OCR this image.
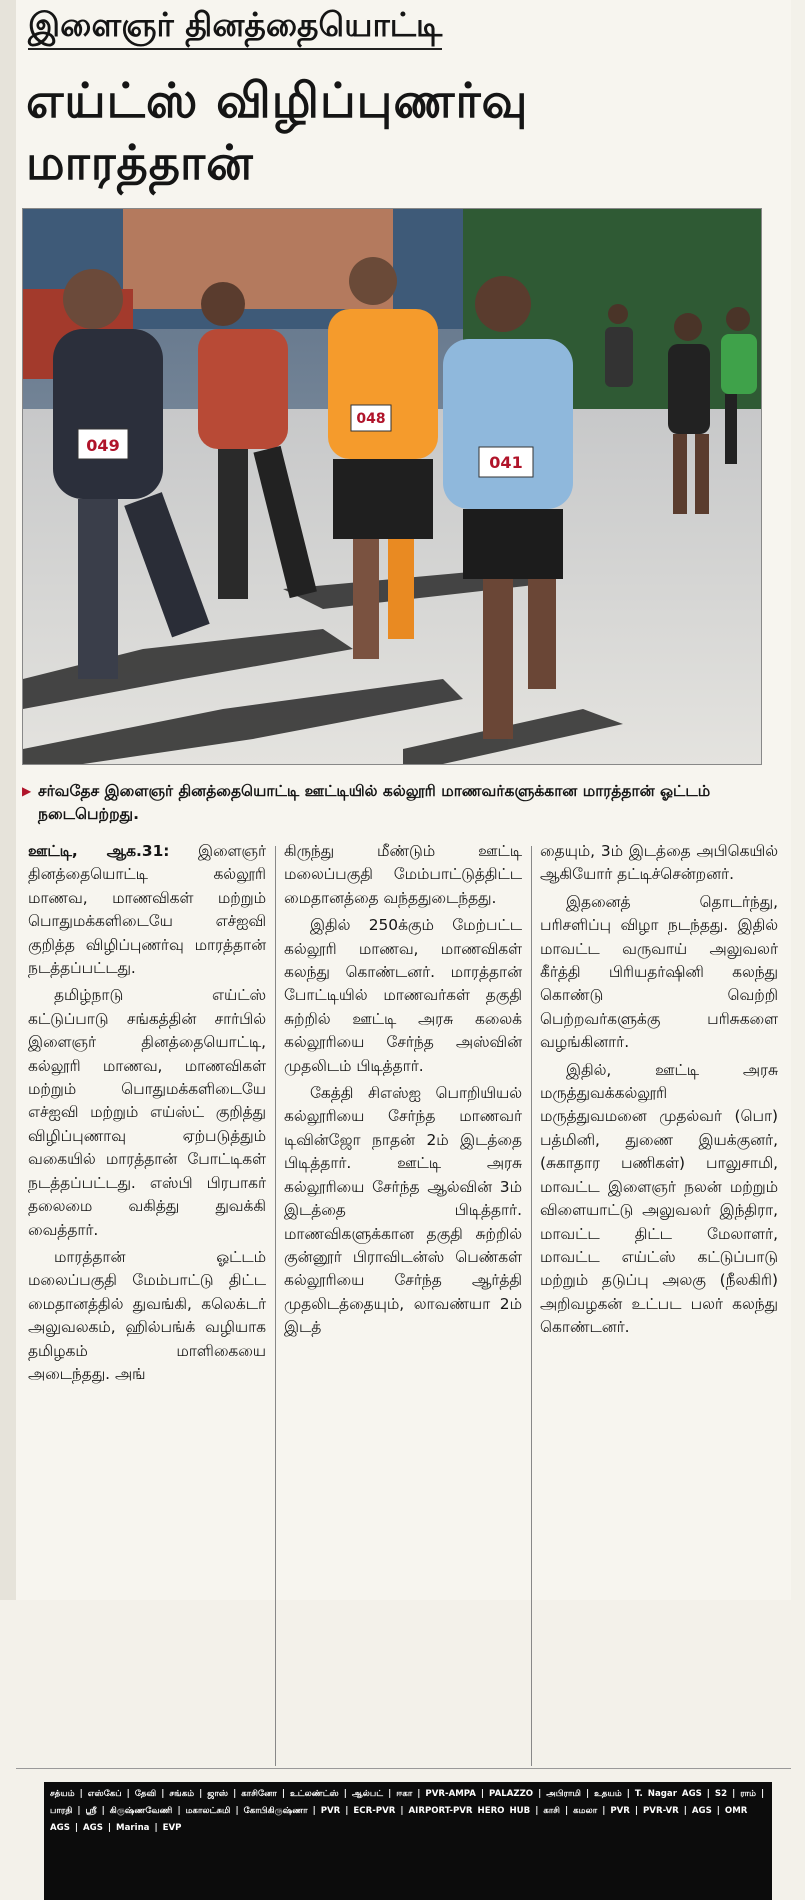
இளைஞர் தினத்தையொட்டி
எய்ட்ஸ் விழிப்புணர்வு மாரத்தான்
049
048
041
▶ சர்வதேச இளைஞர் தினத்தையொட்டி ஊட்டியில் கல்லூரி மாணவர்களுக்கான மாரத்தான் ஓட்டம் நடைபெற்றது.

ஊட்டி, ஆக.31: இளைஞர் தினத்தையொட்டி கல்லூரி மாணவ, மாணவிகள் மற்றும் பொதுமக்களிடையே எச்ஐவி குறித்த விழிப்புணர்வு மாரத்தான் நடத்தப்பட்டது.

தமிழ்நாடு எய்ட்ஸ் கட்டுப்பாடு சங்கத்தின் சார்பில் இளைஞர் தினத்தையொட்டி, கல்லூரி மாணவ, மாணவிகள் மற்றும் பொதுமக்களிடையே எச்ஐவி மற்றும் எய்ஸ்ட் குறித்து விழிப்புணாவு ஏற்படுத்தும் வகையில் மாரத்தான் போட்டிகள் நடத்தப்பட்டது. எஸ்பி பிரபாகர் தலைமை வகித்து துவக்கி வைத்தார்.

மாரத்தான் ஓட்டம் மலைப்பகுதி மேம்பாட்டு திட்ட மைதானத்தில் துவங்கி, கலெக்டர் அலுவலகம், ஹில்பங்க் வழியாக தமிழகம் மாளிகையை அடைந்தது. அங்

கிருந்து மீண்டும் ஊட்டி மலைப்பகுதி மேம்பாட்டுத்திட்ட மைதானத்தை வந்ததுடைந்தது.

இதில் 250க்கும் மேற்பட்ட கல்லூரி மாணவ, மாணவிகள் கலந்து கொண்டனர். மாரத்தான் போட்டியில் மாணவர்கள் தகுதி சுற்றில் ஊட்டி அரசு கலைக் கல்லூரியை சேர்ந்த அஸ்வின் முதலிடம் பிடித்தார்.

கேத்தி சிஎஸ்ஐ பொறியியல் கல்லூரியை சேர்ந்த மாணவர் டிவின்ஜோ நாதன் 2ம் இடத்தை பிடித்தார். ஊட்டி அரசு கல்லூரியை சேர்ந்த ஆல்வின் 3ம் இடத்தை பிடித்தார். மாணவிகளுக்கான தகுதி சுற்றில் குன்னூர் பிராவிடன்ஸ் பெண்கள் கல்லூரியை சேர்ந்த ஆர்த்தி முதலிடத்தையும், லாவண்யா 2ம் இடத்

தையும், 3ம் இடத்தை அபிகெயில் ஆகியோர் தட்டிச்சென்றனர்.

இதனைத் தொடர்ந்து, பரிசளிப்பு விழா நடந்தது. இதில் மாவட்ட வருவாய் அலுவலர் கீர்த்தி பிரியதர்ஷினி கலந்து கொண்டு வெற்றி பெற்றவர்களுக்கு பரிசுகளை வழங்கினார்.

இதில், ஊட்டி அரசு மருத்துவக்கல்லூரி மருத்துவமனை முதல்வர் (பொ) பத்மினி, துணை இயக்குனர், (சுகாதார பணிகள்) பாலுசாமி, மாவட்ட இளைஞர் நலன் மற்றும் விளையாட்டு அலுவலர் இந்திரா, மாவட்ட திட்ட மேலாளர், மாவட்ட எய்ட்ஸ் கட்டுப்பாடு மற்றும் தடுப்பு அலகு (நீலகிரி) அறிவழகன் உட்பட பலர் கலந்து கொண்டனர்.

சத்யம் | எஸ்கேப் | தேவி | சங்கம் | ஜாஸ் | காசினோ | உட்லண்ட்ஸ் | ஆல்பட் | ஈகா | PVR-AMPA | PALAZZO | அபிராமி | உதயம் | T. Nagar AGS | S2 | ராம் | பாரதி | ஸ்ரீ | கிருஷ்ணவேணி | மகாலட்சுமி | கோபிகிருஷ்ணா | PVR | ECR-PVR | AIRPORT-PVR HERO HUB | காசி | கமலா | PVR | PVR-VR | AGS | OMR AGS | AGS | Marina | EVP
